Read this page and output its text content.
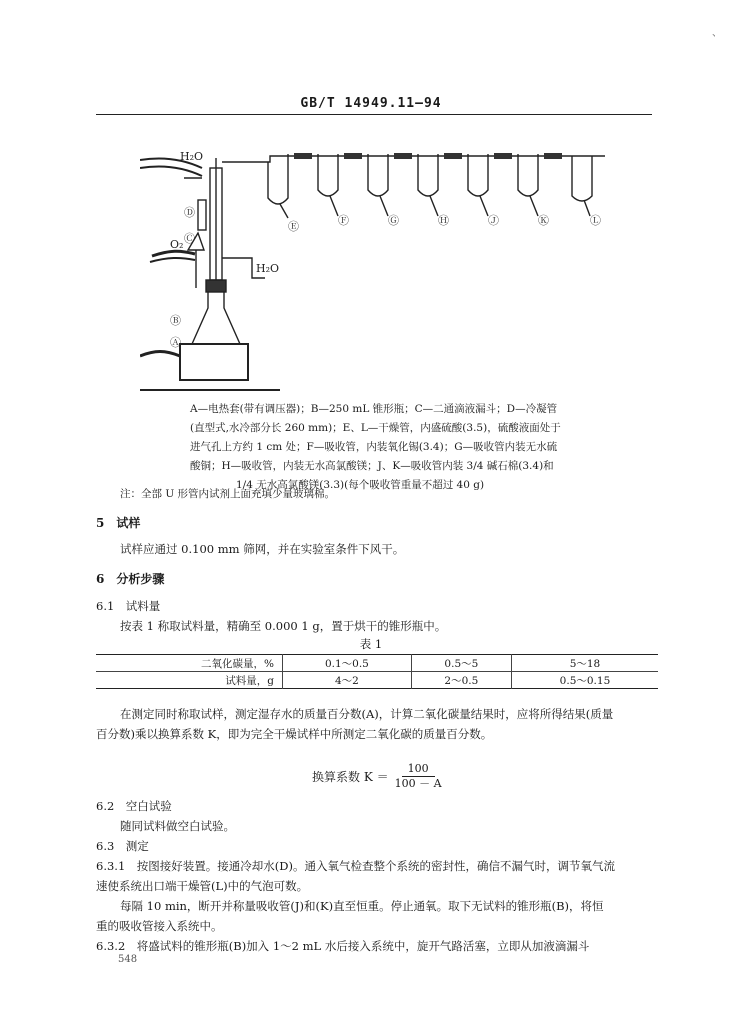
GB/T 14949.11—94
H₂O
H₂O
O₂
Ⓐ
Ⓑ
Ⓒ
Ⓓ
Ⓔ	Ⓕ	Ⓖ	Ⓗ	Ⓙ	Ⓚ	Ⓛ
A—电热套(带有调压器)；B—250 mL 锥形瓶；C—二通滴液漏斗；D—冷凝管
(直型式,水冷部分长 260 mm)；E、L—干燥管，内盛硫酸(3.5)，硫酸液面处于
进气孔上方约 1 cm 处；F—吸收管，内装氧化锡(3.4)；G—吸收管内装无水硫
酸铜；H—吸收管，内装无水高氯酸镁；J、K—吸收管内装 3/4 碱石棉(3.4)和
1/4 无水高氯酸镁(3.3)(每个吸收管重量不超过 40 g)
注：全部 U 形管内试剂上面充填少量玻璃棉。
5　试样
试样应通过 0.100 mm 筛网，并在实验室条件下风干。
6　分析步骤
6.1　试料量
按表 1 称取试料量，精确至 0.000 1 g，置于烘干的锥形瓶中。
表 1
二氧化碳量，%	0.1～0.5	0.5～5	5～18
试料量，g	4～2	2～0.5	0.5～0.15
在测定同时称取试样，测定湿存水的质量百分数(A)，计算二氧化碳量结果时，应将所得结果(质量
百分数)乘以换算系数 K，即为完全干燥试样中所测定二氧化碳的质量百分数。
换算系数 $K = \frac{100}{100 - A}$
6.2　空白试验
随同试料做空白试验。
6.3　测定
6.3.1　按图接好装置。接通冷却水(D)。通入氧气检查整个系统的密封性，确信不漏气时，调节氧气流
速使系统出口端干燥管(L)中的气泡可数。
每隔 10 min，断开并称量吸收管(J)和(K)直至恒重。停止通氧。取下无试料的锥形瓶(B)，将恒
重的吸收管接入系统中。
6.3.2　将盛试料的锥形瓶(B)加入 1～2 mL 水后接入系统中，旋开气路活塞，立即从加液滴漏斗
548
、
